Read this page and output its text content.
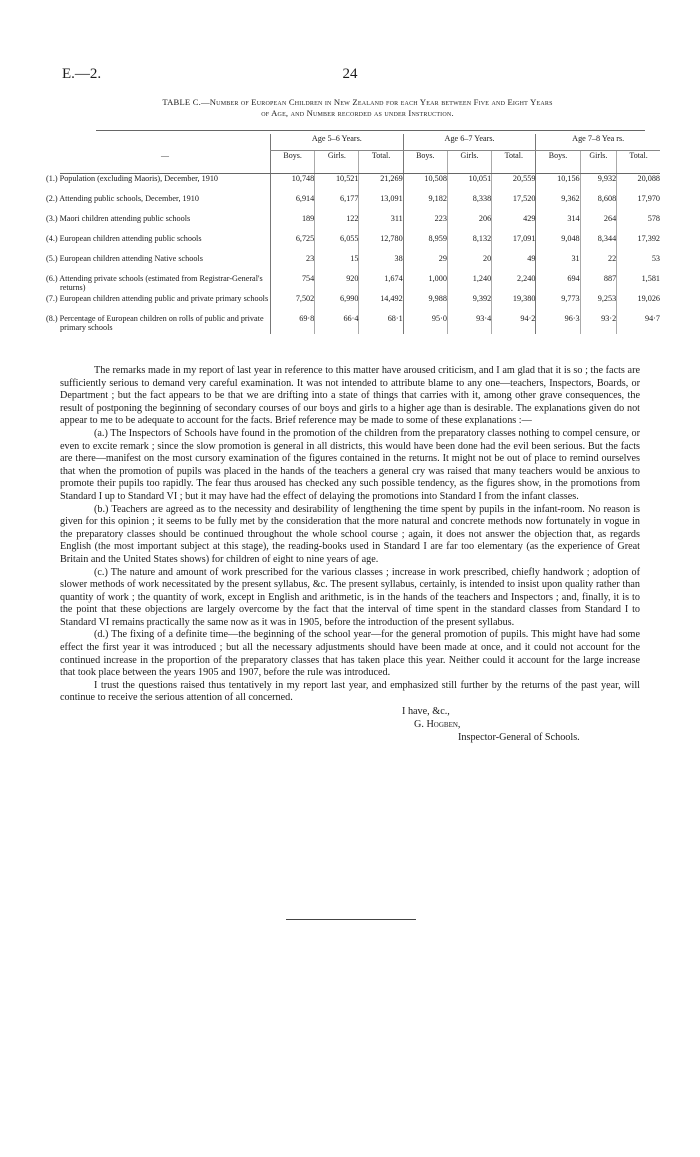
E.—2.	24
TABLE C.—Number of European Children in New Zealand for each Year between Five and Eight Years
of Age, and Number recorded as under Instruction.
	Age 5–6 Years.			Age 6–7 Years.			Age 7–8 Yea rs.		
—	Boys.	Girls.	Total.	Boys.	Girls.	Total.	Boys.	Girls.	Total.
(1.) Population (excluding Maoris), December, 1910	10,748	10,521	21,269	10,508	10,051	20,559	10,156	9,932	20,088
(2.) Attending public schools, December, 1910	6,914	6,177	13,091	9,182	8,338	17,520	9,362	8,608	17,970
(3.) Maori children attending public schools	189	122	311	223	206	429	314	264	578
(4.) European children attending public schools	6,725	6,055	12,780	8,959	8,132	17,091	9,048	8,344	17,392
(5.) European children attending Native schools	23	15	38	29	20	49	31	22	53
(6.) Attending private schools (estimated from Registrar-General's returns)	754	920	1,674	1,000	1,240	2,240	694	887	1,581
(7.) European children attending public and private primary schools	7,502	6,990	14,492	9,988	9,392	19,380	9,773	9,253	19,026
(8.) Percentage of European children on rolls of public and private primary schools	69·8	66·4	68·1	95·0	93·4	94·2	96·3	93·2	94·7

The remarks made in my report of last year in reference to this matter have aroused criticism, and I am glad that it is so ; the facts are sufficiently serious to demand very careful examination. It was not intended to attribute blame to any one—teachers, Inspectors, Boards, or Department ; but the fact appears to be that we are drifting into a state of things that carries with it, among other grave consequences, the result of postponing the beginning of secondary courses of our boys and girls to a higher age than is desirable. The explanations given do not appear to me to be adequate to account for the facts. Brief reference may be made to some of these explanations :—

(a.) The Inspectors of Schools have found in the promotion of the children from the preparatory classes nothing to compel censure, or even to excite remark ; since the slow promotion is general in all districts, this would have been done had the evil been serious. But the facts are there—manifest on the most cursory examination of the figures contained in the returns. It might not be out of place to remind ourselves that when the promotion of pupils was placed in the hands of the teachers a general cry was raised that many teachers would be anxious to promote their pupils too rapidly. The fear thus aroused has checked any such possible tendency, as the figures show, in the promotions from Standard I up to Standard VI ; but it may have had the effect of delaying the promotions into Standard I from the infant classes.

(b.) Teachers are agreed as to the necessity and desirability of lengthening the time spent by pupils in the infant-room. No reason is given for this opinion ; it seems to be fully met by the consideration that the more natural and concrete methods now fortunately in vogue in the preparatory classes should be continued throughout the whole school course ; again, it does not answer the objection that, as regards English (the most important subject at this stage), the reading-books used in Standard I are far too elementary (as the experience of Great Britain and the United States shows) for children of eight to nine years of age.

(c.) The nature and amount of work prescribed for the various classes ; increase in work prescribed, chiefly handwork ; adoption of slower methods of work necessitated by the present syllabus, &c. The present syllabus, certainly, is intended to insist upon quality rather than quantity of work ; the quantity of work, except in English and arithmetic, is in the hands of the teachers and Inspectors ; and, finally, it is to the point that these objections are largely overcome by the fact that the interval of time spent in the standard classes from Standard I to Standard VI remains practically the same now as it was in 1905, before the introduction of the present syllabus.

(d.) The fixing of a definite time—the beginning of the school year—for the general promotion of pupils. This might have had some effect the first year it was introduced ; but all the necessary adjustments should have been made at once, and it could not account for the continued increase in the proportion of the preparatory classes that has taken place this year. Neither could it account for the large increase that took place between the years 1905 and 1907, before the rule was introduced.

I trust the questions raised thus tentatively in my report last year, and emphasized still further by the returns of the past year, will continue to receive the serious attention of all concerned.

I have, &c.,
G. Hogben,
Inspector-General of Schools.
